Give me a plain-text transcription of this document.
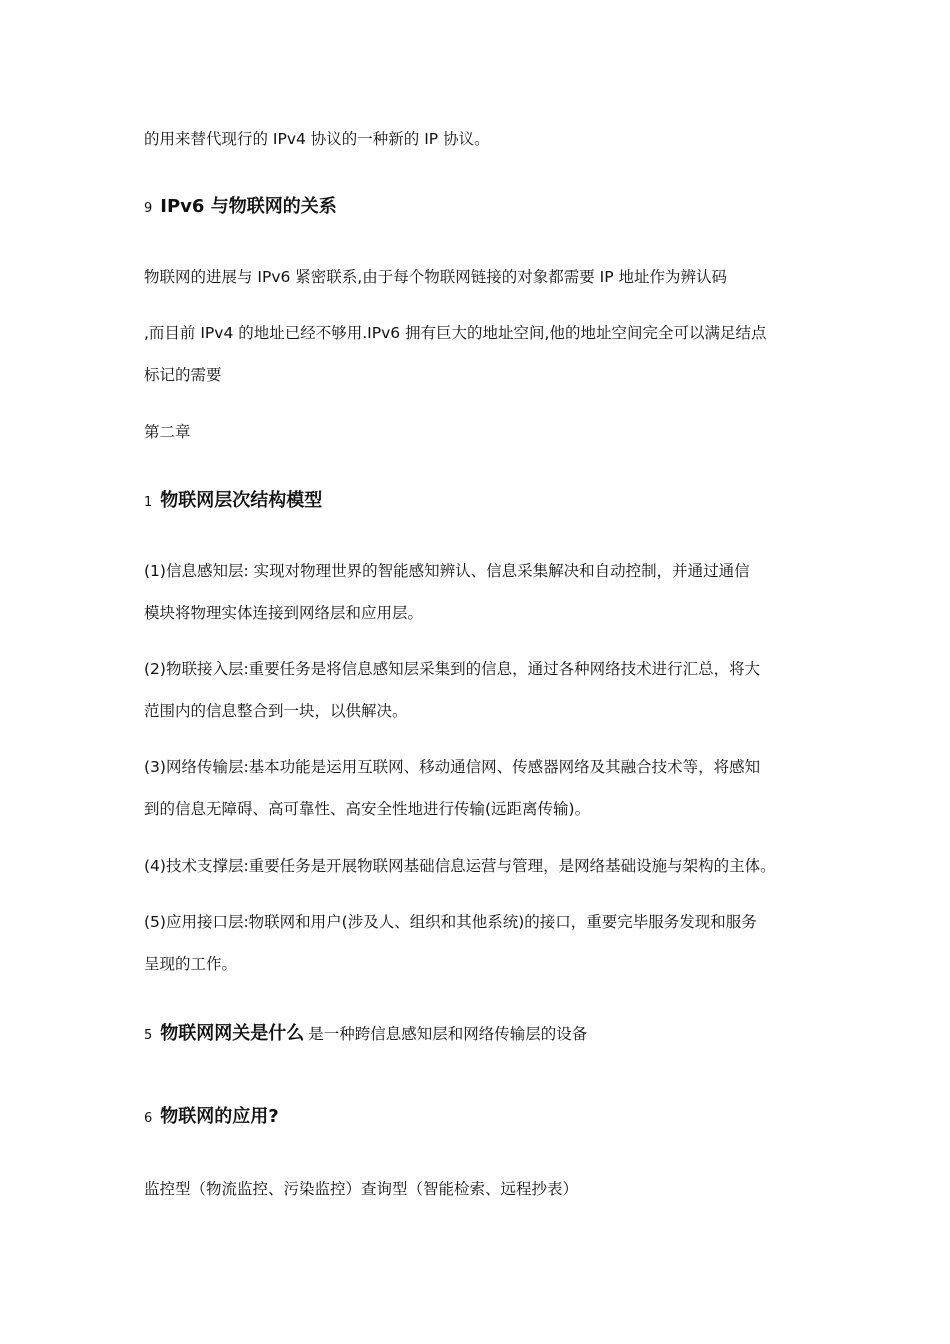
的用来替代现行的 IPv4 协议的一种新的 IP 协议。
9 IPv6 与物联网的关系
物联网的进展与 IPv6 紧密联系,由于每个物联网链接的对象都需要 IP 地址作为辨认码
,而目前 IPv4 的地址已经不够用.IPv6 拥有巨大的地址空间,他的地址空间完全可以满足结点
标记的需要
第二章
1 物联网层次结构模型
(1)信息感知层: 实现对物理世界的智能感知辨认、信息采集解决和自动控制，并通过通信
模块将物理实体连接到网络层和应用层。
(2)物联接入层:重要任务是将信息感知层采集到的信息，通过各种网络技术进行汇总，将大
范围内的信息整合到一块，以供解决。
(3)网络传输层:基本功能是运用互联网、移动通信网、传感器网络及其融合技术等，将感知
到的信息无障碍、高可靠性、高安全性地进行传输(远距离传输)。
(4)技术支撑层:重要任务是开展物联网基础信息运营与管理，是网络基础设施与架构的主体。
(5)应用接口层:物联网和用户(涉及人、组织和其他系统)的接口，重要完毕服务发现和服务
呈现的工作。
5 物联网网关是什么 是一种跨信息感知层和网络传输层的设备
6 物联网的应用?
监控型（物流监控、污染监控）查询型（智能检索、远程抄表）
